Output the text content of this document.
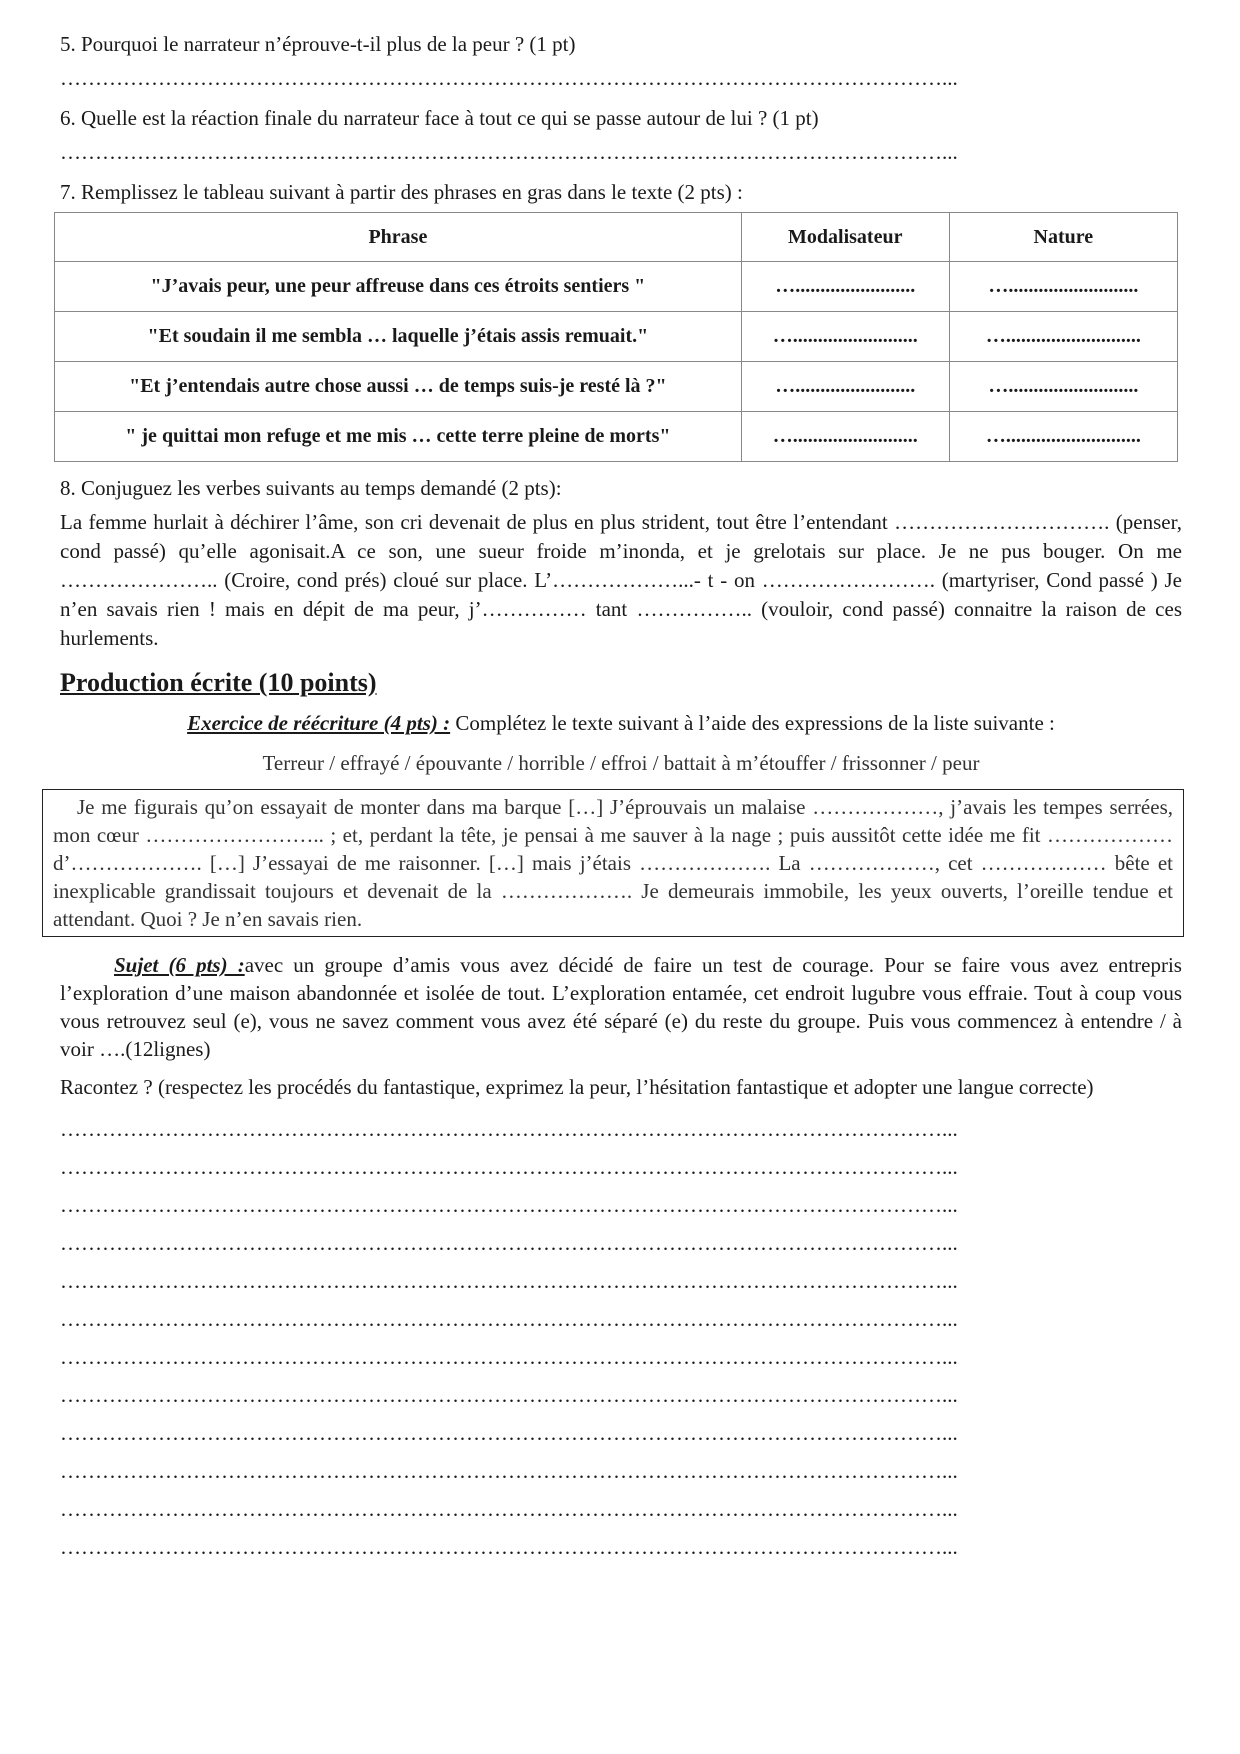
5. Pourquoi le narrateur n’éprouve-t-il plus de la peur ? (1 pt)

………………………………………………………………………………………………………………...

6. Quelle est la réaction finale du narrateur face à tout ce qui se passe autour de lui ? (1 pt)

………………………………………………………………………………………………………………...

7. Remplissez le tableau suivant à partir des phrases en gras dans le texte (2 pts) :

Phrase	Modalisateur	Nature
"J’avais peur, une peur affreuse dans ces étroits sentiers "	…........................	…..........................
"Et soudain il me sembla … laquelle j’étais assis remuait."	….........................	…...........................
"Et j’entendais autre chose aussi … de temps suis-je resté là ?"	…........................	…..........................
" je quittai mon refuge et me mis … cette terre pleine de morts"	….........................	…...........................

8. Conjuguez les verbes suivants au temps demandé (2 pts):

La femme hurlait à déchirer l’âme, son cri devenait de plus en plus strident, tout être l’entendant …………………………. (penser, cond passé) qu’elle agonisait.A ce son, une sueur froide m’inonda, et je grelotais sur place. Je ne pus bouger. On me ………………….. (Croire, cond prés) cloué sur place. L’………………...- t - on ……………………. (martyriser, Cond passé ) Je n’en savais rien ! mais en dépit de ma peur, j’…………… tant …………….. (vouloir, cond passé) connaitre la raison de ces hurlements.

Production écrite (10 points)

Exercice de réécriture (4 pts) : Complétez le texte suivant à l’aide des expressions de la liste suivante :

Terreur / effrayé / épouvante / horrible / effroi / battait à m’étouffer / frissonner / peur

Je me figurais qu’on essayait de monter dans ma barque […] J’éprouvais un malaise ………………, j’avais les tempes serrées, mon cœur …………………….. ; et, perdant la tête, je pensai à me sauver à la nage ; puis aussitôt cette idée me fit ……………… d’………………. […] J’essayai de me raisonner. […] mais j’étais ………………. La ………………, cet ……………… bête et inexplicable grandissait toujours et devenait de la ………………. Je demeurais immobile, les yeux ouverts, l’oreille tendue et attendant. Quoi ? Je n’en savais rien.

Sujet (6 pts) :avec un groupe d’amis vous avez décidé de faire un test de courage. Pour se faire vous avez entrepris l’exploration d’une maison abandonnée et isolée de tout. L’exploration entamée, cet endroit lugubre vous effraie. Tout à coup vous vous retrouvez seul (e), vous ne savez comment vous avez été séparé (e) du reste du groupe. Puis vous commencez à entendre / à voir ….(12lignes)

Racontez ? (respectez les procédés du fantastique, exprimez la peur, l’hésitation fantastique et adopter une langue correcte)

………………………………………………………………………………………………………………...
………………………………………………………………………………………………………………...
………………………………………………………………………………………………………………...
………………………………………………………………………………………………………………...
………………………………………………………………………………………………………………...
………………………………………………………………………………………………………………...
………………………………………………………………………………………………………………...
………………………………………………………………………………………………………………...
………………………………………………………………………………………………………………...
………………………………………………………………………………………………………………...
………………………………………………………………………………………………………………...
………………………………………………………………………………………………………………...
